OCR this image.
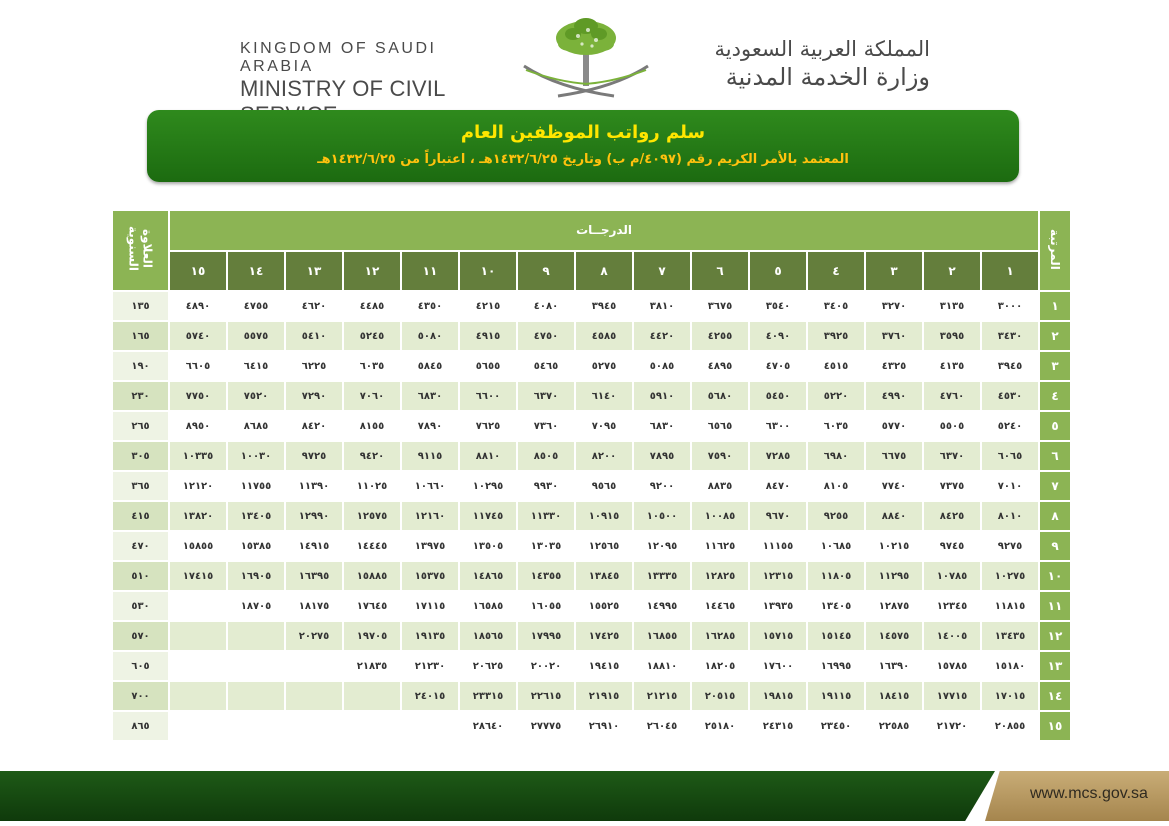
KINGDOM OF SAUDI ARABIA
MINISTRY OF CIVIL
المملكة العربية السعودية
وزارة الخدمة المدنية
سلم رواتب الموظفين العام
المعتمد بالأمر الكريم رقم (٤٠٩٧/م ب) وتاريخ ١٤٣٢/٦/٢٥هـ ، اعتباراً من ١٤٣٢/٦/٢٥هـ
العلاوة السنوية	الدرجــات															المرتبة
	١٥	١٤	١٣	١٢	١١	١٠	٩	٨	٧	٦	٥	٤	٣	٢	١	
١٣٥	٤٨٩٠	٤٧٥٥	٤٦٢٠	٤٤٨٥	٤٣٥٠	٤٢١٥	٤٠٨٠	٣٩٤٥	٣٨١٠	٣٦٧٥	٣٥٤٠	٣٤٠٥	٣٢٧٠	٣١٣٥	٣٠٠٠	١
١٦٥	٥٧٤٠	٥٥٧٥	٥٤١٠	٥٢٤٥	٥٠٨٠	٤٩١٥	٤٧٥٠	٤٥٨٥	٤٤٢٠	٤٢٥٥	٤٠٩٠	٣٩٢٥	٣٧٦٠	٣٥٩٥	٣٤٣٠	٢
١٩٠	٦٦٠٥	٦٤١٥	٦٢٢٥	٦٠٣٥	٥٨٤٥	٥٦٥٥	٥٤٦٥	٥٢٧٥	٥٠٨٥	٤٨٩٥	٤٧٠٥	٤٥١٥	٤٣٢٥	٤١٣٥	٣٩٤٥	٣
٢٣٠	٧٧٥٠	٧٥٢٠	٧٢٩٠	٧٠٦٠	٦٨٣٠	٦٦٠٠	٦٣٧٠	٦١٤٠	٥٩١٠	٥٦٨٠	٥٤٥٠	٥٢٢٠	٤٩٩٠	٤٧٦٠	٤٥٣٠	٤
٢٦٥	٨٩٥٠	٨٦٨٥	٨٤٢٠	٨١٥٥	٧٨٩٠	٧٦٢٥	٧٣٦٠	٧٠٩٥	٦٨٣٠	٦٥٦٥	٦٣٠٠	٦٠٣٥	٥٧٧٠	٥٥٠٥	٥٢٤٠	٥
٣٠٥	١٠٣٣٥	١٠٠٣٠	٩٧٢٥	٩٤٢٠	٩١١٥	٨٨١٠	٨٥٠٥	٨٢٠٠	٧٨٩٥	٧٥٩٠	٧٢٨٥	٦٩٨٠	٦٦٧٥	٦٣٧٠	٦٠٦٥	٦
٣٦٥	١٢١٢٠	١١٧٥٥	١١٣٩٠	١١٠٢٥	١٠٦٦٠	١٠٢٩٥	٩٩٣٠	٩٥٦٥	٩٢٠٠	٨٨٣٥	٨٤٧٠	٨١٠٥	٧٧٤٠	٧٣٧٥	٧٠١٠	٧
٤١٥	١٣٨٢٠	١٣٤٠٥	١٢٩٩٠	١٢٥٧٥	١٢١٦٠	١١٧٤٥	١١٣٣٠	١٠٩١٥	١٠٥٠٠	١٠٠٨٥	٩٦٧٠	٩٢٥٥	٨٨٤٠	٨٤٢٥	٨٠١٠	٨
٤٧٠	١٥٨٥٥	١٥٣٨٥	١٤٩١٥	١٤٤٤٥	١٣٩٧٥	١٣٥٠٥	١٣٠٣٥	١٢٥٦٥	١٢٠٩٥	١١٦٢٥	١١١٥٥	١٠٦٨٥	١٠٢١٥	٩٧٤٥	٩٢٧٥	٩
٥١٠	١٧٤١٥	١٦٩٠٥	١٦٣٩٥	١٥٨٨٥	١٥٣٧٥	١٤٨٦٥	١٤٣٥٥	١٣٨٤٥	١٣٣٣٥	١٢٨٢٥	١٢٣١٥	١١٨٠٥	١١٢٩٥	١٠٧٨٥	١٠٢٧٥	١٠
٥٣٠		١٨٧٠٥	١٨١٧٥	١٧٦٤٥	١٧١١٥	١٦٥٨٥	١٦٠٥٥	١٥٥٢٥	١٤٩٩٥	١٤٤٦٥	١٣٩٣٥	١٣٤٠٥	١٢٨٧٥	١٢٣٤٥	١١٨١٥	١١
٥٧٠			٢٠٢٧٥	١٩٧٠٥	١٩١٣٥	١٨٥٦٥	١٧٩٩٥	١٧٤٢٥	١٦٨٥٥	١٦٢٨٥	١٥٧١٥	١٥١٤٥	١٤٥٧٥	١٤٠٠٥	١٣٤٣٥	١٢
٦٠٥				٢١٨٣٥	٢١٢٣٠	٢٠٦٢٥	٢٠٠٢٠	١٩٤١٥	١٨٨١٠	١٨٢٠٥	١٧٦٠٠	١٦٩٩٥	١٦٣٩٠	١٥٧٨٥	١٥١٨٠	١٣
٧٠٠					٢٤٠١٥	٢٣٣١٥	٢٢٦١٥	٢١٩١٥	٢١٢١٥	٢٠٥١٥	١٩٨١٥	١٩١١٥	١٨٤١٥	١٧٧١٥	١٧٠١٥	١٤
٨٦٥						٢٨٦٤٠	٢٧٧٧٥	٢٦٩١٠	٢٦٠٤٥	٢٥١٨٠	٢٤٣١٥	٢٣٤٥٠	٢٢٥٨٥	٢١٧٢٠	٢٠٨٥٥	١٥
www.mcs.gov.sa
